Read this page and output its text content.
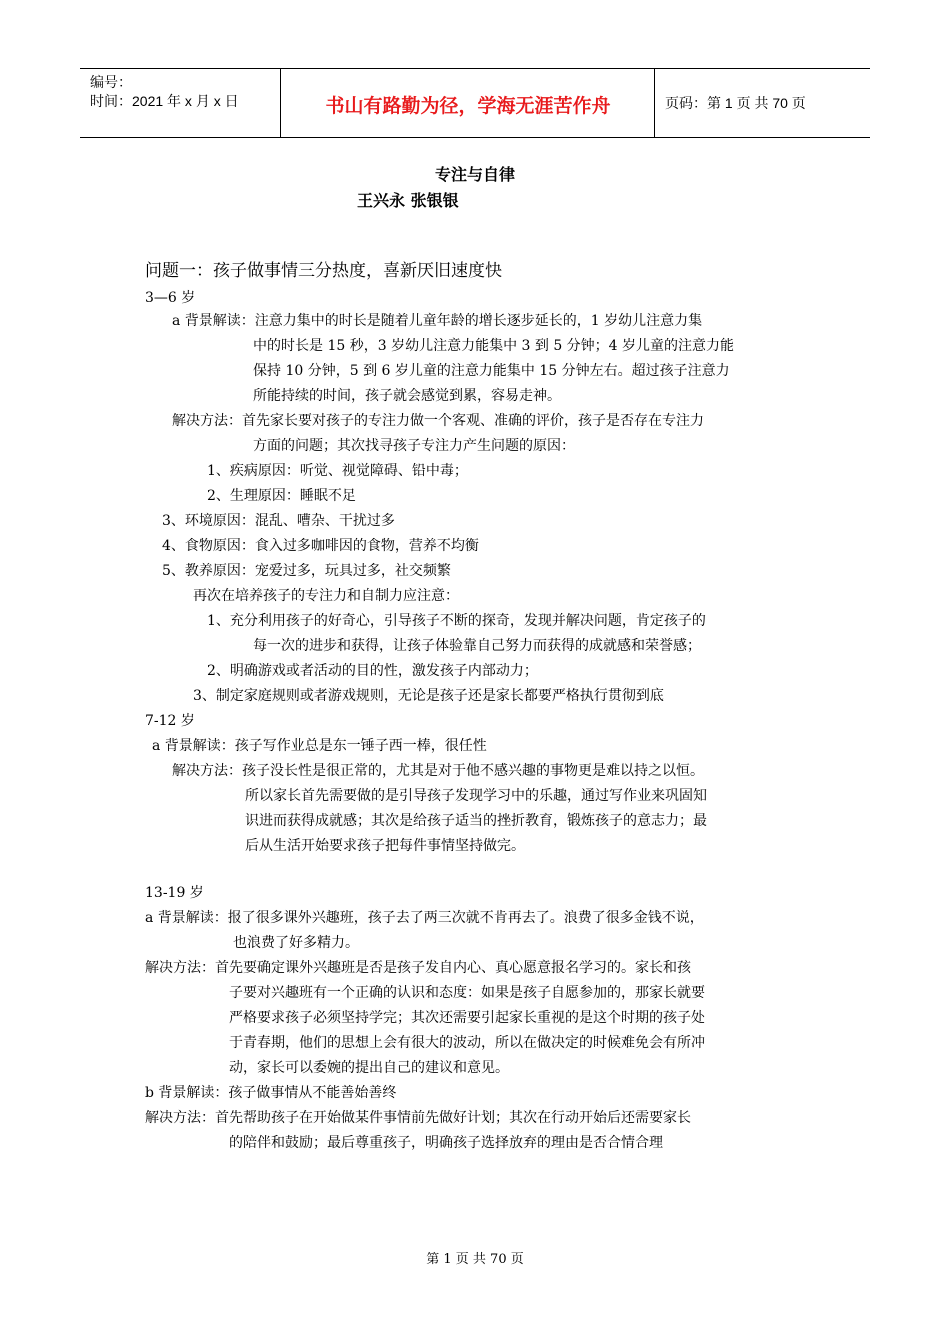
编号：
时间：2021 年 x 月 x 日	书山有路勤为径，学海无涯苦作舟	页码：第 1 页 共 70 页
专注与自律
王兴永 张银银
问题一：孩子做事情三分热度，喜新厌旧速度快
3—6 岁
a 背景解读：注意力集中的时长是随着儿童年龄的增长逐步延长的，1 岁幼儿注意力集
中的时长是 15 秒，3 岁幼儿注意力能集中 3 到 5 分钟；4 岁儿童的注意力能
保持 10 分钟，5 到 6 岁儿童的注意力能集中 15 分钟左右。超过孩子注意力
所能持续的时间，孩子就会感觉到累，容易走神。
解决方法：首先家长要对孩子的专注力做一个客观、准确的评价，孩子是否存在专注力
方面的问题；其次找寻孩子专注力产生问题的原因：
1、疾病原因：听觉、视觉障碍、铅中毒；
2、生理原因：睡眠不足
3、环境原因：混乱、嘈杂、干扰过多
4、食物原因：食入过多咖啡因的食物，营养不均衡
5、教养原因：宠爱过多，玩具过多，社交频繁
再次在培养孩子的专注力和自制力应注意：
1、充分利用孩子的好奇心，引导孩子不断的探奇，发现并解决问题，肯定孩子的
每一次的进步和获得，让孩子体验靠自己努力而获得的成就感和荣誉感；
2、明确游戏或者活动的目的性，激发孩子内部动力；
3、制定家庭规则或者游戏规则，无论是孩子还是家长都要严格执行贯彻到底
7-12 岁
a 背景解读：孩子写作业总是东一锤子西一棒，很任性
解决方法：孩子没长性是很正常的，尤其是对于他不感兴趣的事物更是难以持之以恒。
所以家长首先需要做的是引导孩子发现学习中的乐趣，通过写作业来巩固知
识进而获得成就感；其次是给孩子适当的挫折教育，锻炼孩子的意志力；最
后从生活开始要求孩子把每件事情坚持做完。
13-19 岁
a 背景解读：报了很多课外兴趣班，孩子去了两三次就不肯再去了。浪费了很多金钱不说，
也浪费了好多精力。
解决方法：首先要确定课外兴趣班是否是孩子发自内心、真心愿意报名学习的。家长和孩
子要对兴趣班有一个正确的认识和态度：如果是孩子自愿参加的，那家长就要
严格要求孩子必须坚持学完；其次还需要引起家长重视的是这个时期的孩子处
于青春期，他们的思想上会有很大的波动，所以在做决定的时候难免会有所冲
动，家长可以委婉的提出自己的建议和意见。
b 背景解读：孩子做事情从不能善始善终
解决方法：首先帮助孩子在开始做某件事情前先做好计划；其次在行动开始后还需要家长
的陪伴和鼓励；最后尊重孩子，明确孩子选择放弃的理由是否合情合理
第 1 页 共 70 页
